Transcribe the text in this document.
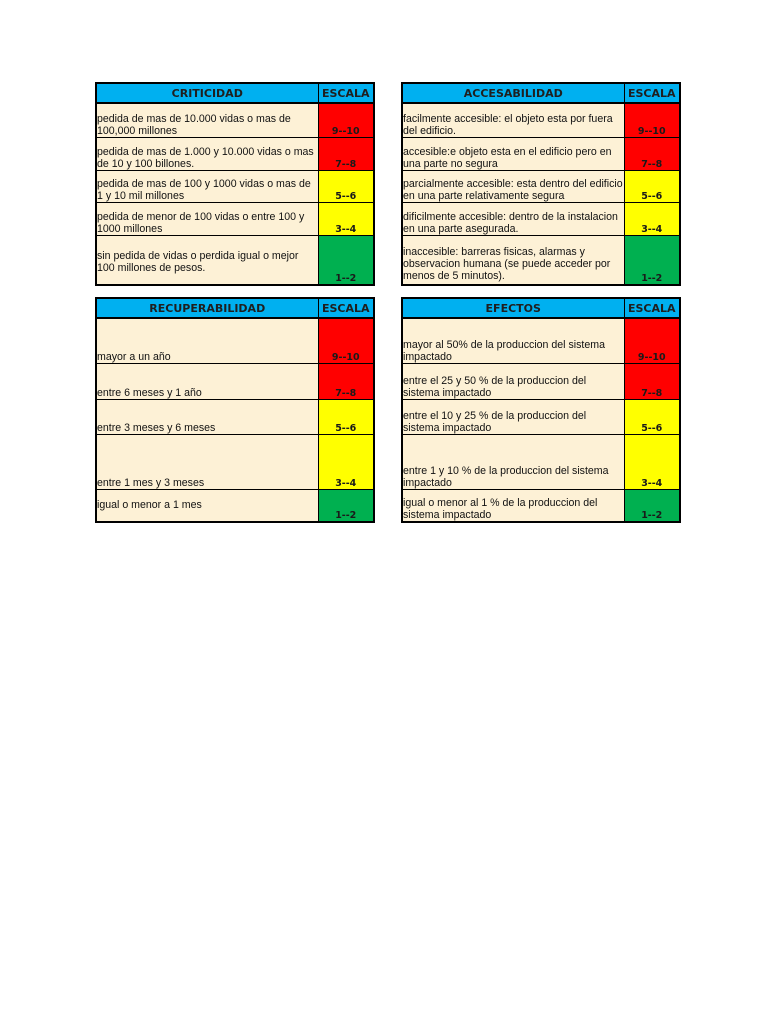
CRITICIDAD	ESCALA
pedida de mas de 10.000 vidas o mas de 100,000 millones	9--10
pedida de mas de 1.000 y 10.000 vidas o mas de 10 y 100 billones.	7--8
pedida de mas de 100 y 1000 vidas o mas de 1 y 10 mil millones	5--6
pedida de menor de 100 vidas o entre 100 y 1000 millones	3--4
sin pedida de vidas o perdida igual o mejor 100 millones de pesos.	1--2
ACCESABILIDAD	ESCALA
facilmente accesible: el objeto esta por fuera del edificio.	9--10
accesible:e objeto esta en el edificio pero en una parte no segura	7--8
parcialmente accesible: esta dentro del edificio en una parte relativamente segura	5--6
dificilmente accesible: dentro de la instalacion en una parte asegurada.	3--4
inaccesible: barreras fisicas, alarmas y observacion humana (se puede acceder por menos de 5 minutos).	1--2
RECUPERABILIDAD	ESCALA
mayor a un año	9--10
entre 6 meses y 1 año	7--8
entre 3 meses y 6 meses	5--6
entre 1 mes y 3 meses	3--4
igual o menor a 1 mes	1--2
EFECTOS	ESCALA
mayor al 50% de la produccion del sistema impactado	9--10
entre el 25 y 50 % de la produccion del sistema impactado	7--8
entre el 10 y 25 % de la produccion del sistema impactado	5--6
entre 1 y 10 % de la produccion del sistema impactado	3--4
igual o menor al 1 % de la produccion del sistema impactado	1--2
